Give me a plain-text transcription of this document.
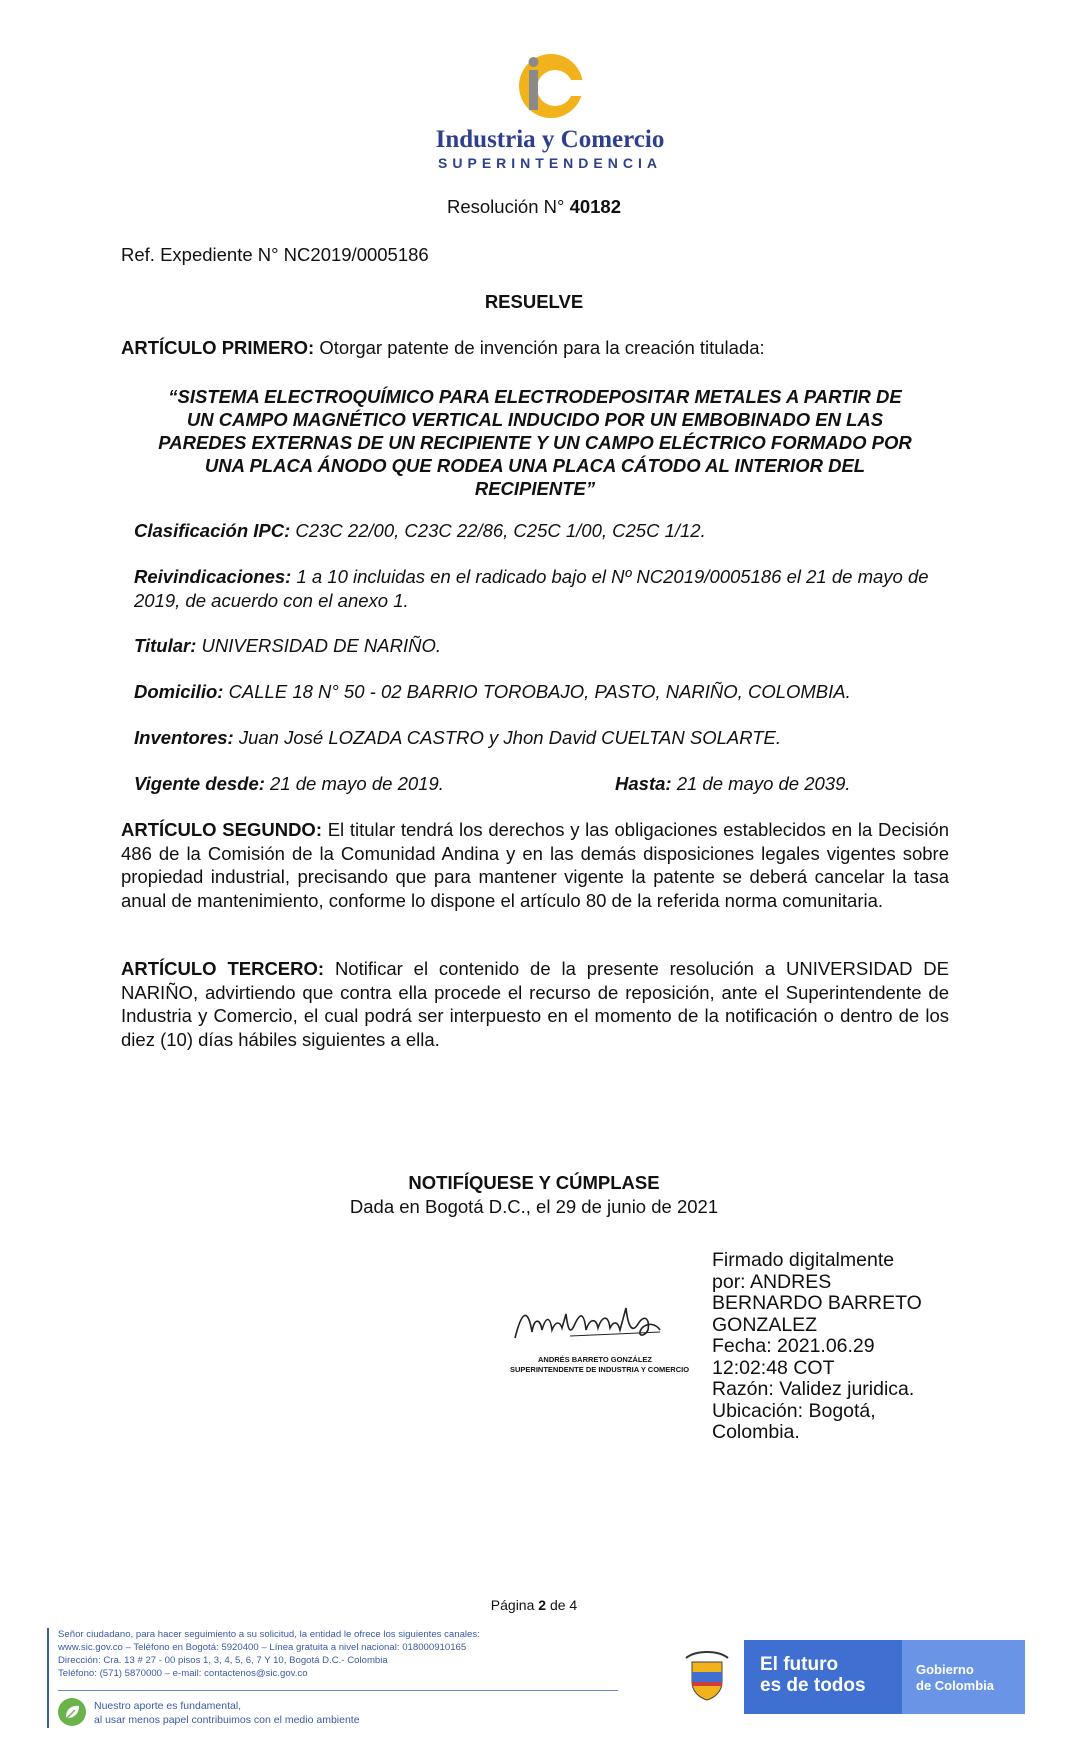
Industria y Comercio
SUPERINTENDENCIA
Resolución N° 40182
Ref. Expediente N° NC2019/0005186
RESUELVE
ARTÍCULO PRIMERO: Otorgar patente de invención para la creación titulada:
“SISTEMA ELECTROQUÍMICO PARA ELECTRODEPOSITAR METALES A PARTIR DE
UN CAMPO MAGNÉTICO VERTICAL INDUCIDO POR UN EMBOBINADO EN LAS
PAREDES EXTERNAS DE UN RECIPIENTE Y UN CAMPO ELÉCTRICO FORMADO POR
UNA PLACA ÁNODO QUE RODEA UNA PLACA CÁTODO AL INTERIOR DEL
RECIPIENTE”
Clasificación IPC: C23C 22/00, C23C 22/86, C25C 1/00, C25C 1/12.
Reivindicaciones: 1 a 10 incluidas en el radicado bajo el Nº NC2019/0005186 el 21 de mayo de 2019, de acuerdo con el anexo 1.
Titular: UNIVERSIDAD DE NARIÑO.
Domicilio: CALLE 18 N° 50 - 02 BARRIO TOROBAJO, PASTO, NARIÑO, COLOMBIA.
Inventores: Juan José LOZADA CASTRO y Jhon David CUELTAN SOLARTE.
Vigente desde: 21 de mayo de 2019.	Hasta: 21 de mayo de 2039.
ARTÍCULO SEGUNDO: El titular tendrá los derechos y las obligaciones establecidos en la Decisión 486 de la Comisión de la Comunidad Andina y en las demás disposiciones legales vigentes sobre propiedad industrial, precisando que para mantener vigente la patente se deberá cancelar la tasa anual de mantenimiento, conforme lo dispone el artículo 80 de la referida norma comunitaria.
ARTÍCULO TERCERO: Notificar el contenido de la presente resolución a UNIVERSIDAD DE NARIÑO, advirtiendo que contra ella procede el recurso de reposición, ante el Superintendente de Industria y Comercio, el cual podrá ser interpuesto en el momento de la notificación o dentro de los diez (10) días hábiles siguientes a ella.
NOTIFÍQUESE Y CÚMPLASE
Dada en Bogotá D.C., el 29 de junio de 2021
ANDRÉS BARRETO GONZÁLEZ
SUPERINTENDENTE DE INDUSTRIA Y COMERCIO
Firmado digitalmente
por: ANDRES
BERNARDO BARRETO
GONZALEZ
Fecha: 2021.06.29
12:02:48 COT
Razón: Validez juridica.
Ubicación: Bogotá,
Colombia.
Página 2 de 4
Señor ciudadano, para hacer seguimiento a su solicitud, la entidad le ofrece los siguientes canales:
www.sic.gov.co – Teléfono en Bogotá: 5920400 – Línea gratuita a nivel nacional: 018000910165
Dirección: Cra. 13 # 27 - 00 pisos 1, 3, 4, 5, 6, 7 Y 10, Bogotá D.C.- Colombia
Teléfono: (571) 5870000 – e-mail: contactenos@sic.gov.co
Nuestro aporte es fundamental,
al usar menos papel contribuimos con el medio ambiente
El futuro
es de todos
Gobierno
de Colombia
